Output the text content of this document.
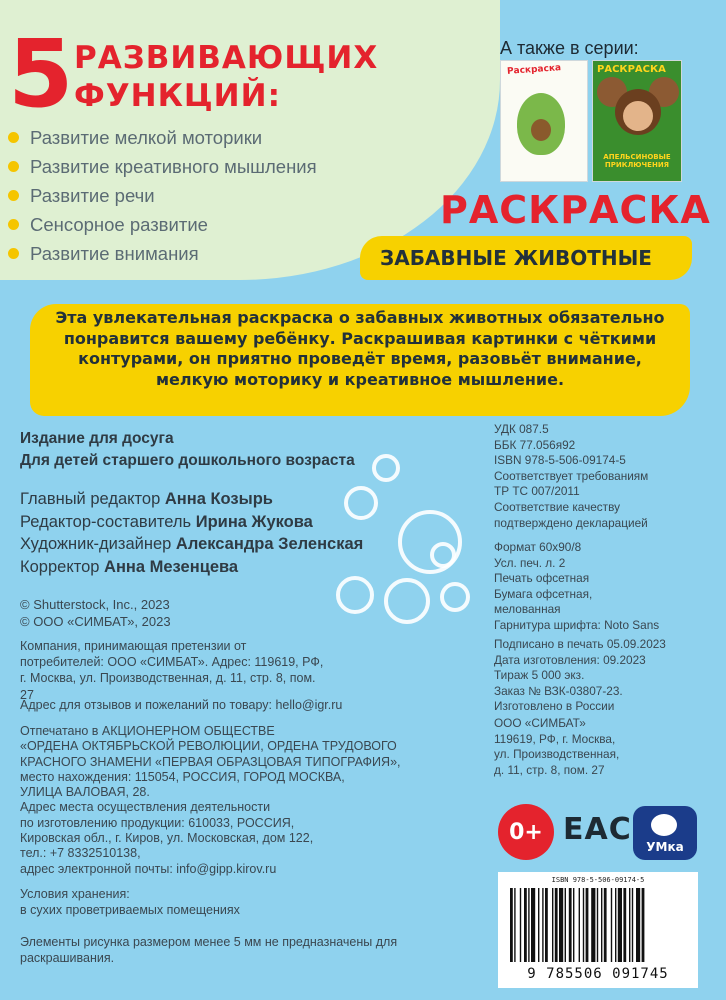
5 РАЗВИВАЮЩИХ
ФУНКЦИЙ:
Развитие мелкой моторики
Развитие креативного мышления
Развитие речи
Сенсорное развитие
Развитие внимания
А также в серии:
Раскраска	РАСКРАСКА
АПЕЛЬСИНОВЫЕ ПРИКЛЮЧЕНИЯ
РАСКРАСКА
ЗАБАВНЫЕ ЖИВОТНЫЕ
Эта увлекательная раскраска о забавных животных обязательно понравится вашему ребёнку. Раскрашивая картинки с чёткими контурами, он приятно проведёт время, разовьёт внимание, мелкую моторику и креативное мышление.
Издание для досуга
Для детей старшего дошкольного возраста
Главный редактор Анна Козырь
Редактор-составитель Ирина Жукова
Художник-дизайнер Александра Зеленская
Корректор Анна Мезенцева
© Shutterstock, Inc., 2023
© ООО «СИМБАТ», 2023
Компания, принимающая претензии от потребителей: ООО «СИМБАТ». Адрес: 119619, РФ, г. Москва, ул. Производственная, д. 11, стр. 8, пом. 27
Адрес для отзывов и пожеланий по товару: hello@igr.ru
Отпечатано в АКЦИОНЕРНОМ ОБЩЕСТВЕ
«ОРДЕНА ОКТЯБРЬСКОЙ РЕВОЛЮЦИИ, ОРДЕНА ТРУДОВОГО
КРАСНОГО ЗНАМЕНИ «ПЕРВАЯ ОБРАЗЦОВАЯ ТИПОГРАФИЯ»,
место нахождения: 115054, РОССИЯ, ГОРОД МОСКВА,
УЛИЦА ВАЛОВАЯ, 28.
Адрес места осуществления деятельности
по изготовлению продукции: 610033, РОССИЯ,
Кировская обл., г. Киров, ул. Московская, дом 122,
тел.: +7 8332510138,
адрес электронной почты: info@gipp.kirov.ru
Условия хранения:
в сухих проветриваемых помещениях
Элементы рисунка размером менее 5 мм не предназначены для раскрашивания.
УДК 087.5
ББК 77.056я92
ISBN 978-5-506-09174-5
Соответствует требованиям
ТР ТС 007/2011
Соответствие качеству
подтверждено декларацией
Формат 60х90/8
Усл. печ. л. 2
Печать офсетная
Бумага офсетная,
мелованная
Гарнитура шрифта: Noto Sans
Подписано в печать 05.09.2023
Дата изготовления: 09.2023
Тираж 5 000 экз.
Заказ № ВЗК-03807-23.
Изготовлено в России
ООО «СИМБАТ»
119619, РФ, г. Москва,
ул. Производственная,
д. 11, стр. 8, пом. 27
0+ EAC УМка
ISBN 978-5-506-09174-5
9 785506 091745
